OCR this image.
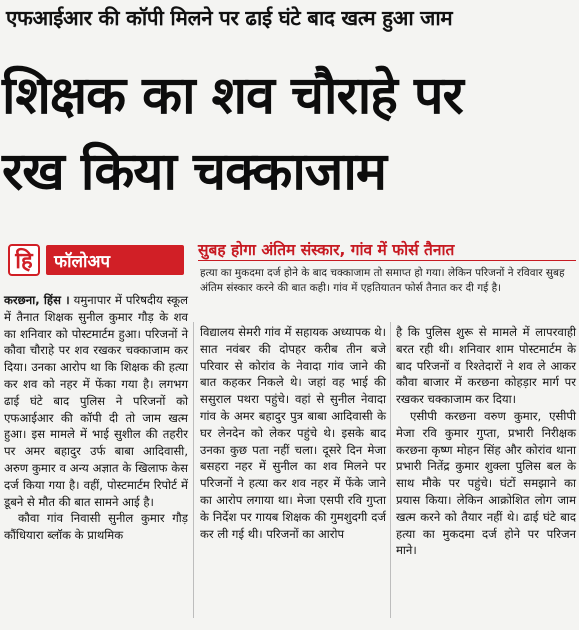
एफआईआर की कॉपी मिलने पर ढाई घंटे बाद खत्म हुआ जाम
शिक्षक का शव चौराहे पर
रख किया चक्काजाम
हि	फॉलोअप
सुबह होगा अंतिम संस्कार, गांव में फोर्स तैनात
हत्या का मुकदमा दर्ज होने के बाद चक्काजाम तो समाप्त हो गया। लेकिन परिजनों ने रविवार सुबह अंतिम संस्कार करने की बात कही। गांव में एहतियातन फोर्स तैनात कर दी गई है।

करछना, हिंस । यमुनापार में परिषदीय स्कूल में तैनात शिक्षक सुनील कुमार गौड़ के शव का शनिवार को पोस्टमार्टम हुआ। परिजनों ने कौवा चौराहे पर शव रखकर चक्काजाम कर दिया। उनका आरोप था कि शिक्षक की हत्या कर शव को नहर में फेंका गया है। लगभग ढाई घंटे बाद पुलिस ने परिजनों को एफआईआर की कॉपी दी तो जाम खत्म हुआ। इस मामले में भाई सुशील की तहरीर पर अमर बहादुर उर्फ बाबा आदिवासी, अरुण कुमार व अन्य अज्ञात के खिलाफ केस दर्ज किया गया है। वहीं, पोस्टमार्टम रिपोर्ट में डूबने से मौत की बात सामने आई है।

कौवा गांव निवासी सुनील कुमार गौड़ कौंधियारा ब्लॉक के प्राथमिक

विद्यालय सेमरी गांव में सहायक अध्यापक थे। सात नवंबर की दोपहर करीब तीन बजे परिवार से कोरांव के नेवादा गांव जाने की बात कहकर निकले थे। जहां वह भाई की ससुराल पथरा पहुंचे। वहां से सुनील नेवादा गांव के अमर बहादुर पुत्र बाबा आदिवासी के घर लेनदेन को लेकर पहुंचे थे। इसके बाद उनका कुछ पता नहीं चला। दूसरे दिन मेजा बसहरा नहर में सुनील का शव मिलने पर परिजनों ने हत्या कर शव नहर में फेंके जाने का आरोप लगाया था। मेजा एसपी रवि गुप्ता के निर्देश पर गायब शिक्षक की गुमशुदगी दर्ज कर ली गई थी। परिजनों का आरोप

है कि पुलिस शुरू से मामले में लापरवाही बरत रही थी। शनिवार शाम पोस्टमार्टम के बाद परिजनों व रिश्तेदारों ने शव ले आकर कौवा बाजार में करछना कोहड़ार मार्ग पर रखकर चक्काजाम कर दिया।

एसीपी करछना वरुण कुमार, एसीपी मेजा रवि कुमार गुप्ता, प्रभारी निरीक्षक करछना कृष्ण मोहन सिंह और कोरांव थाना प्रभारी नितेंद्र कुमार शुक्ला पुलिस बल के साथ मौके पर पहुंचे। घंटों समझाने का प्रयास किया। लेकिन आक्रोशित लोग जाम खत्म करने को तैयार नहीं थे। ढाई घंटे बाद हत्या का मुकदमा दर्ज होने पर परिजन माने।
